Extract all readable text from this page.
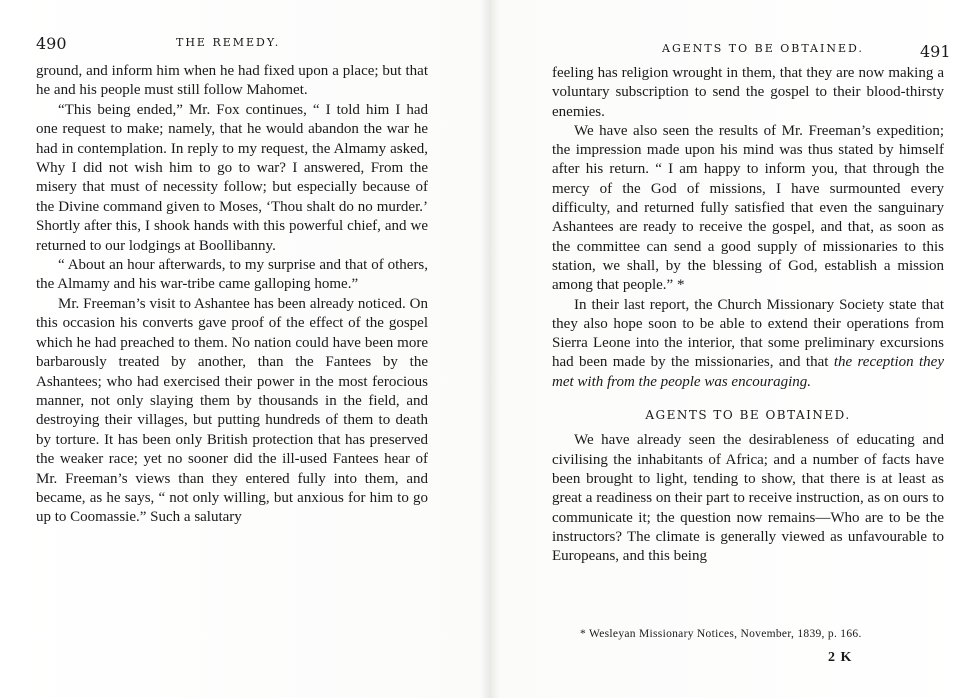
490	THE REMEDY.

ground, and inform him when he had fixed upon a place; but that he and his people must still follow Mahomet.

“This being ended,” Mr. Fox continues, “ I told him I had one request to make; namely, that he would abandon the war he had in contemplation. In reply to my request, the Almamy asked, Why I did not wish him to go to war? I answered, From the misery that must of necessity follow; but especially because of the Divine command given to Moses, ‘Thou shalt do no murder.’ Shortly after this, I shook hands with this powerful chief, and we returned to our lodgings at Boollibanny.

“ About an hour afterwards, to my surprise and that of others, the Almamy and his war-tribe came galloping home.”

Mr. Freeman’s visit to Ashantee has been already noticed. On this occasion his converts gave proof of the effect of the gospel which he had preached to them. No nation could have been more barbarously treated by another, than the Fantees by the Ashantees; who had exercised their power in the most ferocious manner, not only slaying them by thousands in the field, and destroying their villages, but putting hundreds of them to death by torture. It has been only British protection that has preserved the weaker race; yet no sooner did the ill-used Fantees hear of Mr. Freeman’s views than they entered fully into them, and became, as he says, “ not only willing, but anxious for him to go up to Coomassie.” Such a salutary

AGENTS TO BE OBTAINED.	491

feeling has religion wrought in them, that they are now making a voluntary subscription to send the gospel to their blood-thirsty enemies.

We have also seen the results of Mr. Freeman’s expedition; the impression made upon his mind was thus stated by himself after his return. “ I am happy to inform you, that through the mercy of the God of missions, I have surmounted every difficulty, and returned fully satisfied that even the sanguinary Ashantees are ready to receive the gospel, and that, as soon as the committee can send a good supply of missionaries to this station, we shall, by the blessing of God, establish a mission among that people.” *

In their last report, the Church Missionary Society state that they also hope soon to be able to extend their operations from Sierra Leone into the interior, that some preliminary excursions had been made by the missionaries, and that the reception they met with from the people was encouraging.

AGENTS TO BE OBTAINED.

We have already seen the desirableness of educating and civilising the inhabitants of Africa; and a number of facts have been brought to light, tending to show, that there is at least as great a readiness on their part to receive instruction, as on ours to communicate it; the question now remains—Who are to be the instructors? The climate is generally viewed as unfavourable to Europeans, and this being

* Wesleyan Missionary Notices, November, 1839, p. 166.
2 K
